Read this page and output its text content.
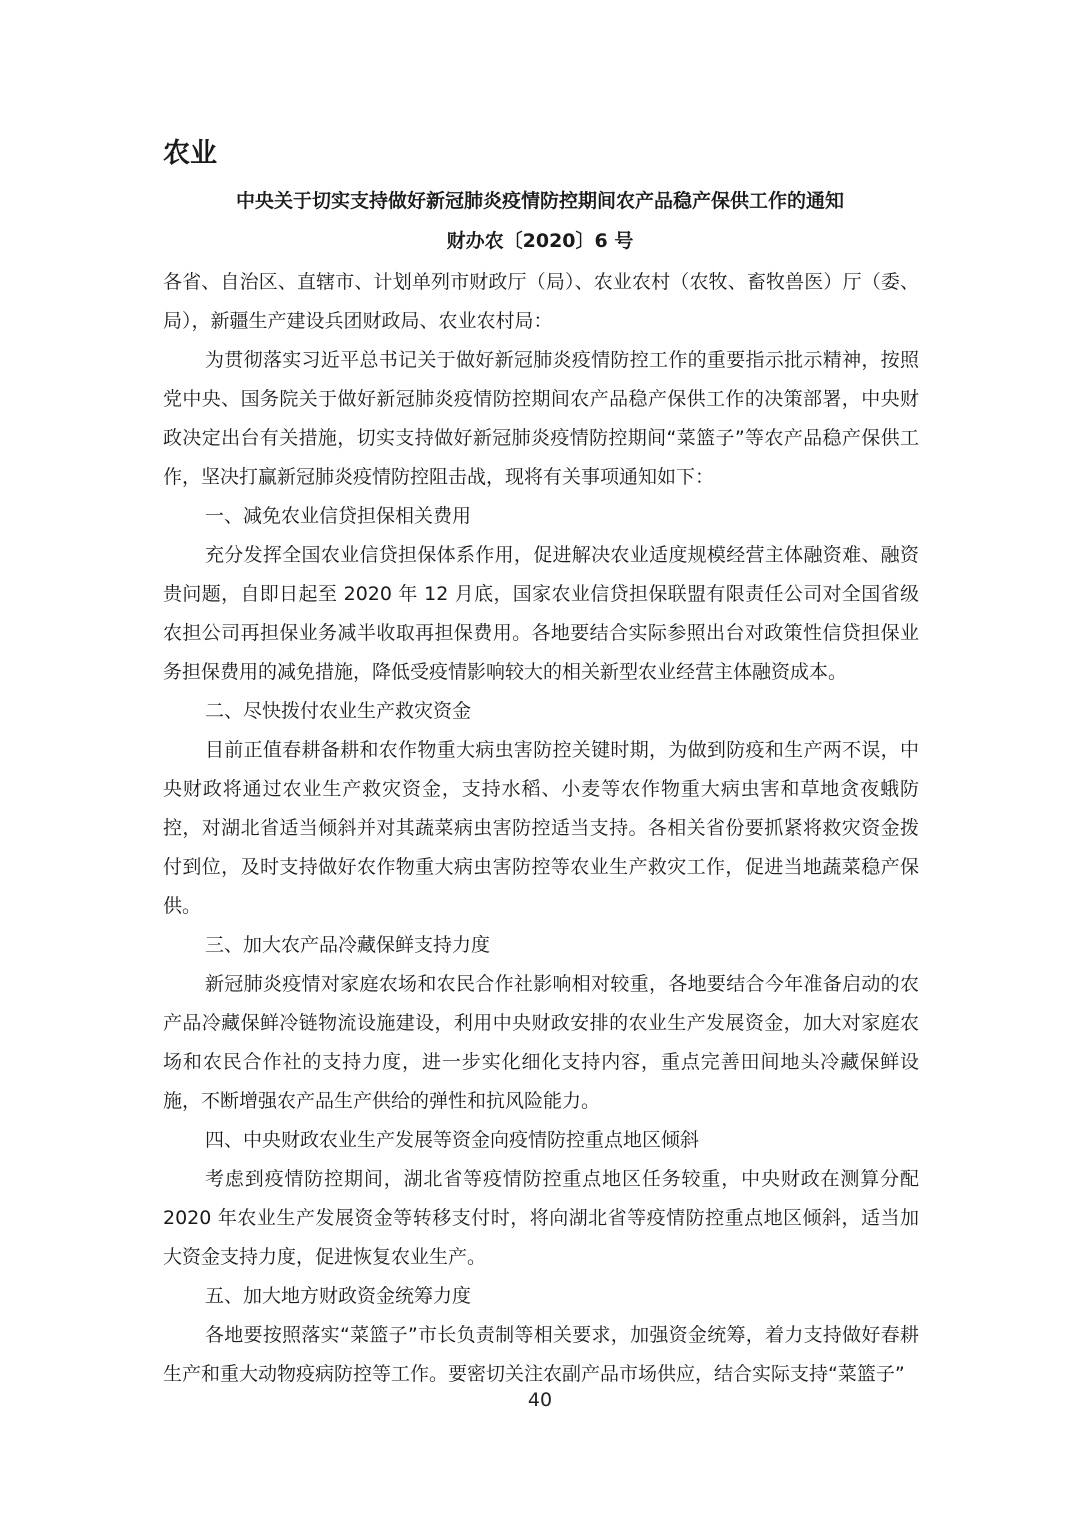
农业
中央关于切实支持做好新冠肺炎疫情防控期间农产品稳产保供工作的通知
财办农〔2020〕6 号

各省、自治区、直辖市、计划单列市财政厅（局）、农业农村（农牧、畜牧兽医）厅（委、局），新疆生产建设兵团财政局、农业农村局：

为贯彻落实习近平总书记关于做好新冠肺炎疫情防控工作的重要指示批示精神，按照党中央、国务院关于做好新冠肺炎疫情防控期间农产品稳产保供工作的决策部署，中央财政决定出台有关措施，切实支持做好新冠肺炎疫情防控期间“菜篮子”等农产品稳产保供工作，坚决打赢新冠肺炎疫情防控阻击战，现将有关事项通知如下：

一、减免农业信贷担保相关费用

充分发挥全国农业信贷担保体系作用，促进解决农业适度规模经营主体融资难、融资贵问题，自即日起至 2020 年 12 月底，国家农业信贷担保联盟有限责任公司对全国省级农担公司再担保业务减半收取再担保费用。各地要结合实际参照出台对政策性信贷担保业务担保费用的减免措施，降低受疫情影响较大的相关新型农业经营主体融资成本。

二、尽快拨付农业生产救灾资金

目前正值春耕备耕和农作物重大病虫害防控关键时期，为做到防疫和生产两不误，中央财政将通过农业生产救灾资金，支持水稻、小麦等农作物重大病虫害和草地贪夜蛾防控，对湖北省适当倾斜并对其蔬菜病虫害防控适当支持。各相关省份要抓紧将救灾资金拨付到位，及时支持做好农作物重大病虫害防控等农业生产救灾工作，促进当地蔬菜稳产保供。

三、加大农产品冷藏保鲜支持力度

新冠肺炎疫情对家庭农场和农民合作社影响相对较重，各地要结合今年准备启动的农产品冷藏保鲜冷链物流设施建设，利用中央财政安排的农业生产发展资金，加大对家庭农场和农民合作社的支持力度，进一步实化细化支持内容，重点完善田间地头冷藏保鲜设施，不断增强农产品生产供给的弹性和抗风险能力。

四、中央财政农业生产发展等资金向疫情防控重点地区倾斜

考虑到疫情防控期间，湖北省等疫情防控重点地区任务较重，中央财政在测算分配 2020 年农业生产发展资金等转移支付时，将向湖北省等疫情防控重点地区倾斜，适当加大资金支持力度，促进恢复农业生产。

五、加大地方财政资金统筹力度

各地要按照落实“菜篮子”市长负责制等相关要求，加强资金统筹，着力支持做好春耕生产和重大动物疫病防控等工作。要密切关注农副产品市场供应，结合实际支持“菜篮子”

40
